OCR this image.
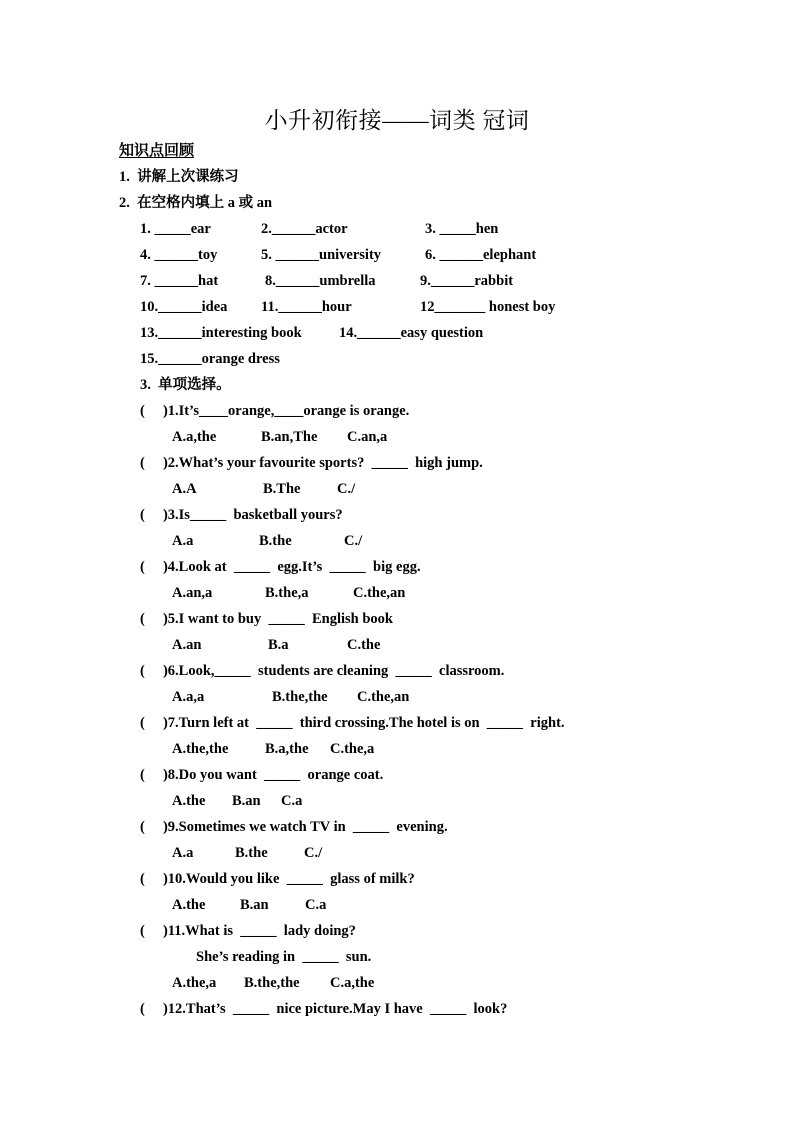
小升初衔接——词类 冠词
知识点回顾
1.  讲解上次课练习
2.  在空格内填上 a 或 an
1. _____ear	2.______actor	3. _____hen
4. ______toy	5. ______university	6. ______elephant
7. ______hat	8.______umbrella	9.______rabbit
10.______idea 11.______hour	12_______ honest boy
13.______interesting book	14.______easy question
15.______orange dress
3.  单项选择。
(     )1.It’s____orange,____orange is orange.
A.a,the	B.an,The C.an,a
(     )2.What’s your favourite sports?  _____  high jump.
A.A	B.The	C./
(     )3.Is_____  basketball yours?
A.a	B.the	C./
(     )4.Look at  _____  egg.It’s  _____  big egg.
A.an,a	B.the,a	C.the,an
(     )5.I want to buy  _____  English book
A.an	B.a	C.the
(     )6.Look,_____  students are cleaning  _____  classroom.
A.a,a	B.the,the C.the,an
(     )7.Turn left at  _____  third crossing.The hotel is on  _____  right.
A.the,the	B.a,the C.the,a
(     )8.Do you want  _____  orange coat.
A.the B.an C.a
(     )9.Sometimes we watch TV in  _____  evening.
A.a	B.the	C./
(     )10.Would you like  _____  glass of milk?
A.the B.an	C.a
(     )11.What is  _____  lady doing?
She’s reading in  _____  sun.
A.the,a B.the,the C.a,the
(     )12.That’s  _____  nice picture.May I have  _____  look?
